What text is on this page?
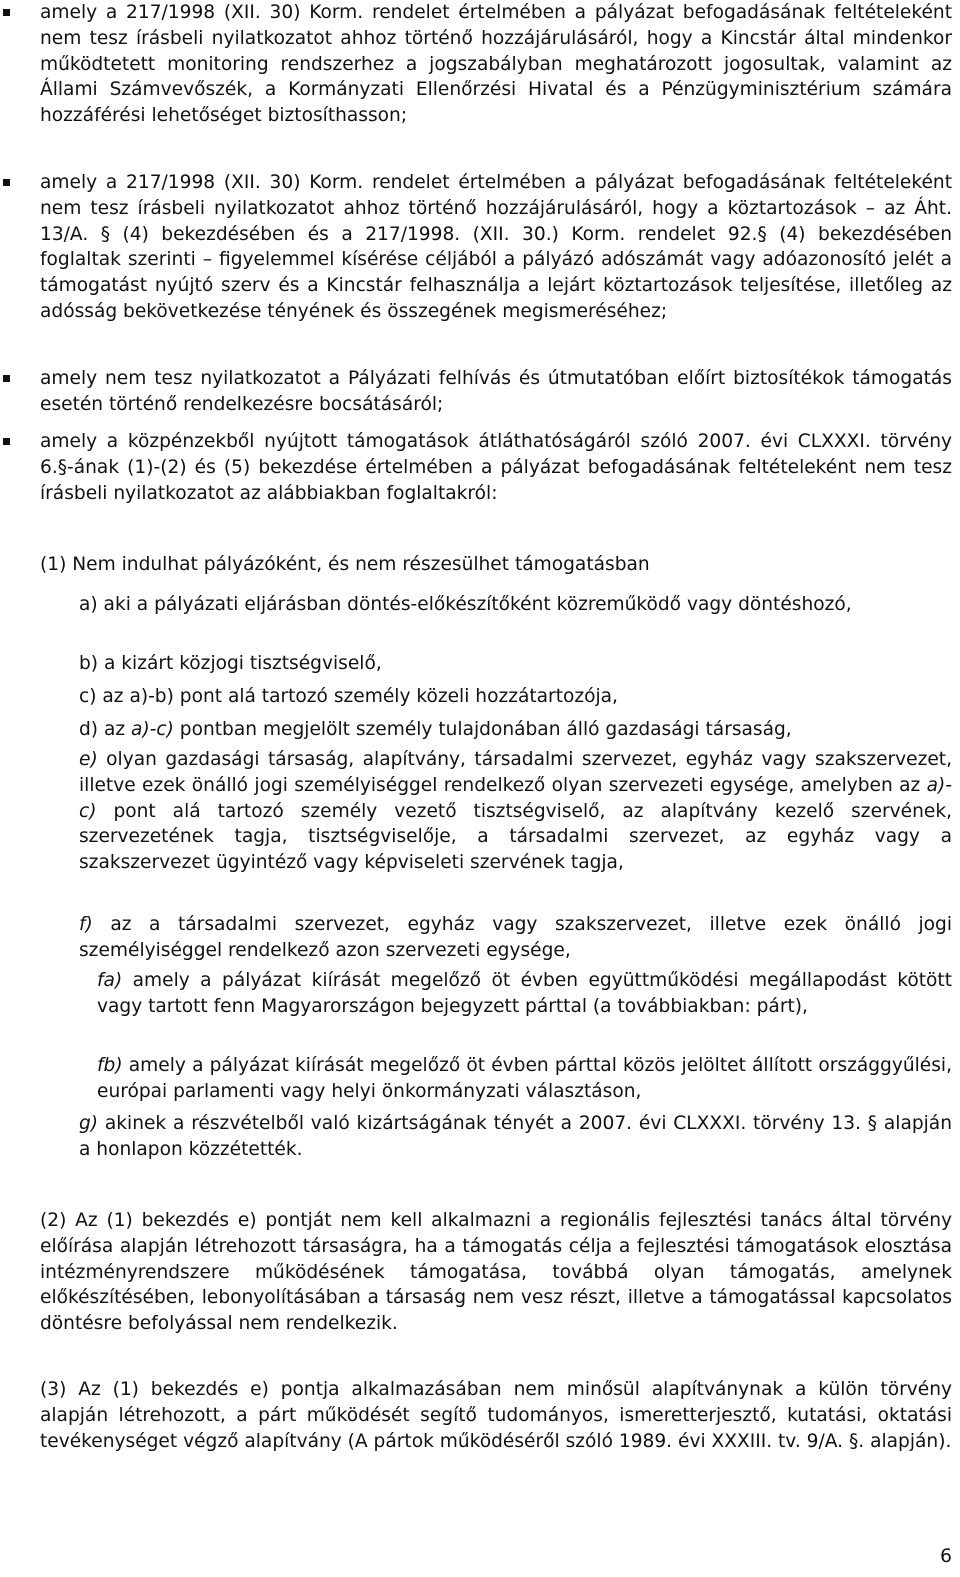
amely a 217/1998 (XII. 30) Korm. rendelet értelmében a pályázat befogadásának feltételeként nem tesz írásbeli nyilatkozatot ahhoz történő hozzájárulásáról, hogy a Kincstár által mindenkor működtetett monitoring rendszerhez a jogszabályban meghatározott jogosultak, valamint az Állami Számvevőszék, a Kormányzati Ellenőrzési Hivatal és a Pénzügyminisztérium számára hozzáférési lehetőséget biztosíthasson;
amely a 217/1998 (XII. 30) Korm. rendelet értelmében a pályázat befogadásának feltételeként nem tesz írásbeli nyilatkozatot ahhoz történő hozzájárulásáról, hogy a köztartozások – az Áht. 13/A. § (4) bekezdésében és a 217/1998. (XII. 30.) Korm. rendelet 92.§ (4) bekezdésében foglaltak szerinti – figyelemmel kísérése céljából a pályázó adószámát vagy adóazonosító jelét a támogatást nyújtó szerv és a Kincstár felhasználja a lejárt köztartozások teljesítése, illetőleg az adósság bekövetkezése tényének és összegének megismeréséhez;
amely nem tesz nyilatkozatot a Pályázati felhívás és útmutatóban előírt biztosítékok támogatás esetén történő rendelkezésre bocsátásáról;
amely a közpénzekből nyújtott támogatások átláthatóságáról szóló 2007. évi CLXXXI. törvény 6.§-ának (1)-(2) és (5) bekezdése értelmében a pályázat befogadásának feltételeként nem tesz írásbeli nyilatkozatot az alábbiakban foglaltakról:
(1) Nem indulhat pályázóként, és nem részesülhet támogatásban
a) aki a pályázati eljárásban döntés-előkészítőként közreműködő vagy döntéshozó,
b) a kizárt közjogi tisztségviselő,
c) az a)-b) pont alá tartozó személy közeli hozzátartozója,
d) az a)-c) pontban megjelölt személy tulajdonában álló gazdasági társaság,
e) olyan gazdasági társaság, alapítvány, társadalmi szervezet, egyház vagy szakszervezet, illetve ezek önálló jogi személyiséggel rendelkező olyan szervezeti egysége, amelyben az a)-c) pont alá tartozó személy vezető tisztségviselő, az alapítvány kezelő szervének, szervezetének tagja, tisztségviselője, a társadalmi szervezet, az egyház vagy a szakszervezet ügyintéző vagy képviseleti szervének tagja,
f) az a társadalmi szervezet, egyház vagy szakszervezet, illetve ezek önálló jogi személyiséggel rendelkező azon szervezeti egysége,
fa) amely a pályázat kiírását megelőző öt évben együttműködési megállapodást kötött vagy tartott fenn Magyarországon bejegyzett párttal (a továbbiakban: párt),
fb) amely a pályázat kiírását megelőző öt évben párttal közös jelöltet állított országgyűlési, európai parlamenti vagy helyi önkormányzati választáson,
g) akinek a részvételből való kizártságának tényét a 2007. évi CLXXXI. törvény 13. § alapján a honlapon közzétették.
(2) Az (1) bekezdés e) pontját nem kell alkalmazni a regionális fejlesztési tanács által törvény előírása alapján létrehozott társaságra, ha a támogatás célja a fejlesztési támogatások elosztása intézményrendszere működésének támogatása, továbbá olyan támogatás, amelynek előkészítésében, lebonyolításában a társaság nem vesz részt, illetve a támogatással kapcsolatos döntésre befolyással nem rendelkezik.
(3) Az (1) bekezdés e) pontja alkalmazásában nem minősül alapítványnak a külön törvény alapján létrehozott, a párt működését segítő tudományos, ismeretterjesztő, kutatási, oktatási tevékenységet végző alapítvány (A pártok működéséről szóló 1989. évi XXXIII. tv. 9/A. §. alapján).
6
